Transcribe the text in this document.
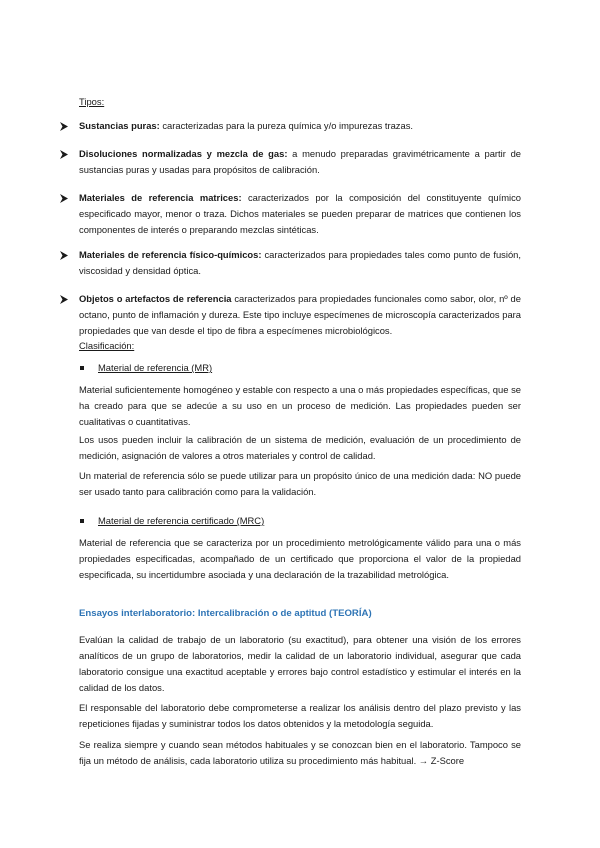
Tipos:

Sustancias puras: caracterizadas para la pureza química y/o impurezas trazas.

Disoluciones normalizadas y mezcla de gas: a menudo preparadas gravimétricamente a partir de sustancias puras y usadas para propósitos de calibración.

Materiales de referencia matrices: caracterizados por la composición del constituyente químico especificado mayor, menor o traza. Dichos materiales se pueden preparar de matrices que contienen los componentes de interés o preparando mezclas sintéticas.

Materiales de referencia físico-químicos: caracterizados para propiedades tales como punto de fusión, viscosidad y densidad óptica.

Objetos o artefactos de referencia caracterizados para propiedades funcionales como sabor, olor, nº de octano, punto de inflamación y dureza. Este tipo incluye especímenes de microscopía caracterizados para propiedades que van desde el tipo de fibra a especímenes microbiológicos.

Clasificación:

Material de referencia (MR)

Material suficientemente homogéneo y estable con respecto a una o más propiedades específicas, que se ha creado para que se adecúe a su uso en un proceso de medición. Las propiedades pueden ser cualitativas o cuantitativas.

Los usos pueden incluir la calibración de un sistema de medición, evaluación de un procedimiento de medición, asignación de valores a otros materiales y control de calidad.

Un material de referencia sólo se puede utilizar para un propósito único de una medición dada: NO puede ser usado tanto para calibración como para la validación.

Material de referencia certificado (MRC)

Material de referencia que se caracteriza por un procedimiento metrológicamente válido para una o más propiedades especificadas, acompañado de un certificado que proporciona el valor de la propiedad especificada, su incertidumbre asociada y una declaración de la trazabilidad metrológica.

Ensayos interlaboratorio: Intercalibración o de aptitud (TEORÍA)

Evalúan la calidad de trabajo de un laboratorio (su exactitud), para obtener una visión de los errores analíticos de un grupo de laboratorios, medir la calidad de un laboratorio individual, asegurar que cada laboratorio consigue una exactitud aceptable y errores bajo control estadístico y estimular el interés en la calidad de los datos.

El responsable del laboratorio debe comprometerse a realizar los análisis dentro del plazo previsto y las repeticiones fijadas y suministrar todos los datos obtenidos y la metodología seguida.

Se realiza siempre y cuando sean métodos habituales y se conozcan bien en el laboratorio. Tampoco se fija un método de análisis, cada laboratorio utiliza su procedimiento más habitual. → Z-Score
